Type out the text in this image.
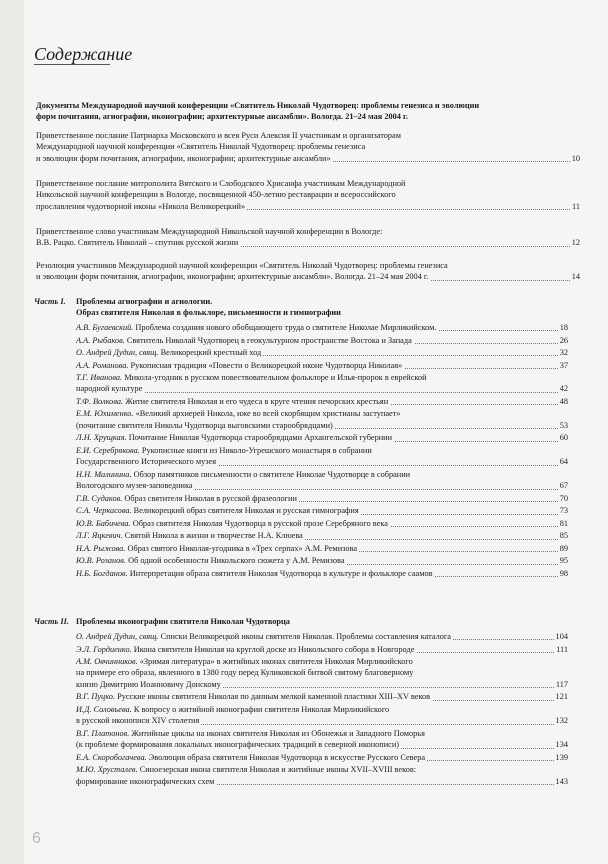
Содержание
Документы Международной научной конференции «Святитель Николай Чудотворец: проблемы генезиса и эволюции
форм почитания, агиографии, иконографии; архитектурные ансамбли». Вологда. 21–24 мая 2004 г.
Приветственное послание Патриарха Московского и всея Руси Алексия II участникам и организаторам
Международной научной конференции «Святитель Николай Чудотворец: проблемы генезиса
и эволюции форм почитания, агиографии, иконографии; архитектурные ансамбли»	10
Приветственное послание митрополита Вятского и Слободского Хрисанфа участникам Международной
Никольской научной конференции в Вологде, посвященной 450-летию реставрации и всероссийского
прославления чудотворной иконы «Никола Великорецкий»	11
Приветственное слово участникам Международной Никольской научной конференции в Вологде:
В.В. Рацко. Святитель Николай – спутник русской жизни	12
Резолюция участников Международной научной конференции «Святитель Николай Чудотворец: проблемы генезиса
и эволюции форм почитания, агиографии, иконографии; архитектурные ансамбли». Вологда. 21–24 мая 2004 г.	14
Часть I. Проблемы агиографии и агиологии.
Образ святителя Николая в фольклоре, письменности и гимнографии
А.В. Бугаевский. Проблема создания нового обобщающего труда о святителе Николае Мирликийском.	18
А.А. Рыбаков. Святитель Николай Чудотворец в геокультурном пространстве Востока и Запада	26
О. Андрей Дудин, свящ. Великорецкий крестный ход	32
А.А. Романова. Рукописная традиция «Повести о Великорецкой иконе Чудотворца Николая»	37
Т.Г. Иванова. Микола-угодник в русском повествовательном фольклоре и Илья-пророк в еврейской
народной культуре	42
Т.Ф. Волкова. Житие святителя Николая и его чудеса в круге чтения печорских крестьян	48
Е.М. Юхименко. «Великий архиерей Никола, иже во всей скорбящим христианы заступает»
(почитание святителя Николы Чудотворца выговскими старообрядцами)	53
Л.Н. Хрущкая. Почитание Николая Чудотворца старообрядцами Архангельской губернии	60
Е.И. Серебрякова. Рукописные книги из Николо-Угрешского монастыря в собрании
Государственного Исторического музея	64
Н.Н. Малинина. Обзор памятников письменности о святителе Николае Чудотворце в собрании
Вологодского музея-заповедника	67
Г.В. Судаков. Образ святителя Николая в русской фразеологии	70
С.А. Черкасова. Великорецкий образ святителя Николая и русская гимнография	73
Ю.В. Бабичева. Образ святителя Николая Чудотворца в русской прозе Серебряного века	81
Л.Г. Яцкевич. Святой Никола в жизни и творчестве Н.А. Клюева	85
Н.А. Рыжова. Образ святого Николая-угодника в «Трех серпах» А.М. Ремизова	89
Ю.В. Розанов. Об одной особенности Никольского сюжета у А.М. Ремизова	95
Н.Б. Богданов. Интерпретация образа святителя Николая Чудотворца в культуре и фольклоре саамов	98
Часть II. Проблемы иконографии святителя Николая Чудотворца
О. Андрей Дудин, свящ. Списки Великорецкой иконы святителя Николая. Проблемы составления каталога	104
Э.Л. Гордиенко. Икона святителя Николая на круглой доске из Никольского собора в Новгороде	111
А.М. Овчинников. «Зримая литература» в житийных иконах святителя Николая Мирликийского
на примере его образа, явленного в 1380 году перед Куликовской битвой святому благоверному
князю Димитрию Иоанновичу Донскому	117
В.Г. Пуцко. Русские иконы святителя Николая по данным мелкой каменной пластики XIII–XV веков	121
И.Д. Соловьева. К вопросу о житийной иконографии святителя Николая Мирликийского
в русской иконописи XIV столетия	132
В.Г. Платонов. Житийные циклы на иконах святителя Николая из Обонежья и Западного Поморья
(к проблеме формирования локальных иконографических традиций в северной иконописи)	134
Е.А. Скоробогачева. Эволюция образа святителя Николая Чудотворца в искусстве Русского Севера	139
М.Ю. Хрусталев. Синоезерская икона святителя Николая и житийные иконы XVII–XVIII веков:
формирование иконографических схем	143
6
